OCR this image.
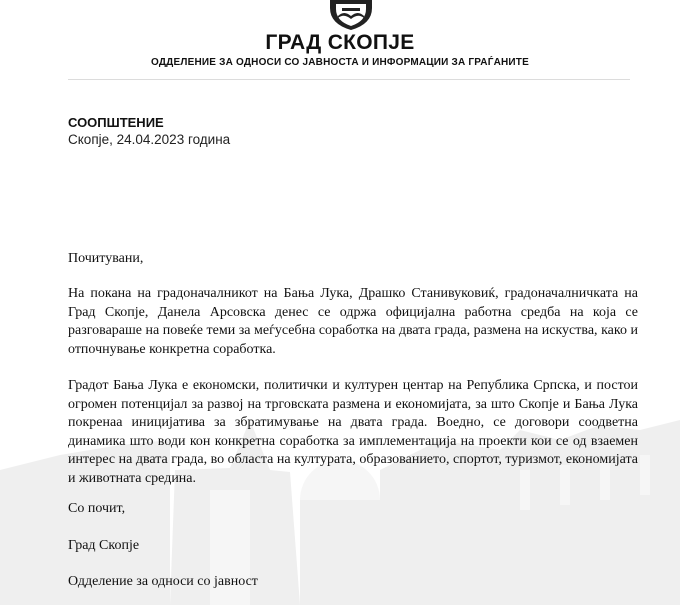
ГРАД СКОПЈЕ

ОДДЕЛЕНИЕ ЗА ОДНОСИ СО ЈАВНОСТА И ИНФОРМАЦИИ ЗА ГРАЃАНИТЕ

СООПШТЕНИЕ

Скопје, 24.04.2023 година

Почитувани,

На покана на градоначалникот на Бања Лука, Драшко Станивуковиќ, градоначалничката на Град Скопје, Данела Арсовска денес се одржа официјална работна средба на која се разговараше на повеќе теми за меѓусебна соработка на двата града, размена на искуства, како и отпочнување конкретна соработка.

Градот Бања Лука е економски, политички и културен центар на Република Српска, и постои огромен потенцијал за развој на трговската размена и економијата, за што Скопје и Бања Лука покренаа иницијатива за збратимување на двата града. Воедно, се договори соодветна динамика што води кон конкретна соработка за имплементација на проекти кои се од взаемен интерес на двата града, во областа на културата, образованието, спортот, туризмот, економијата и животната средина.

Со почит,

Град Скопје

Одделение за односи со јавност
